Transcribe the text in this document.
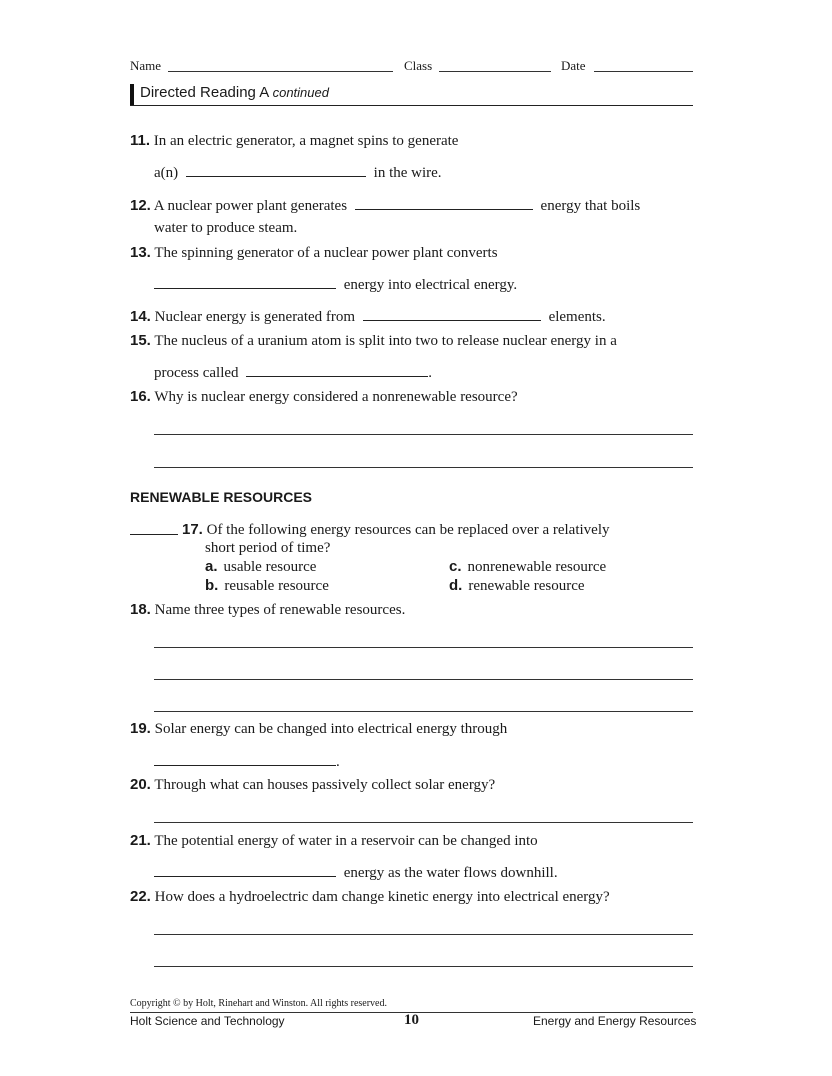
Name	Class	Date
Directed Reading A continued
11. In an electric generator, a magnet spins to generate
a(n)	in the wire.
12. A nuclear power plant generates	energy that boils
water to produce steam.
13. The spinning generator of a nuclear power plant converts
energy into electrical energy.
14. Nuclear energy is generated from	elements.
15. The nucleus of a uranium atom is split into two to release nuclear energy in a
process called	.
16. Why is nuclear energy considered a nonrenewable resource?
RENEWABLE RESOURCES
17. Of the following energy resources can be replaced over a relatively
short period of time?
a. usable resource
b. reusable resource
c. nonrenewable resource
d. renewable resource
18. Name three types of renewable resources.
19. Solar energy can be changed into electrical energy through
.
20. Through what can houses passively collect solar energy?
21. The potential energy of water in a reservoir can be changed into
energy as the water flows downhill.
22. How does a hydroelectric dam change kinetic energy into electrical energy?
Copyright © by Holt, Rinehart and Winston. All rights reserved.
Holt Science and Technology	10	Energy and Energy Resources
